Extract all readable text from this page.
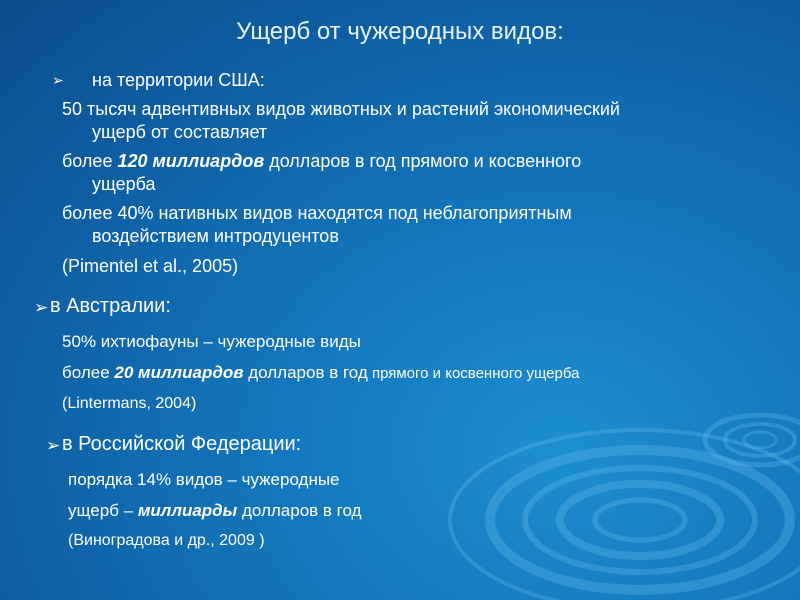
Ущерб от чужеродных видов:
➢ на территории США:
50 тысяч адвентивных видов животных и растений экономический
ущерб от составляет
более 120 миллиардов долларов в год прямого и косвенного
ущерба
более 40% нативных видов находятся под неблагоприятным
воздействием интродуцентов
(Pimentel et al., 2005)
➢ в Австралии:
50% ихтиофауны – чужеродные виды
более 20 миллиардов долларов в год прямого и косвенного ущерба
(Lintermans, 2004)
➢ в Российской Федерации:
порядка 14% видов – чужеродные
ущерб – миллиарды долларов в год
(Виноградова и др., 2009 )
